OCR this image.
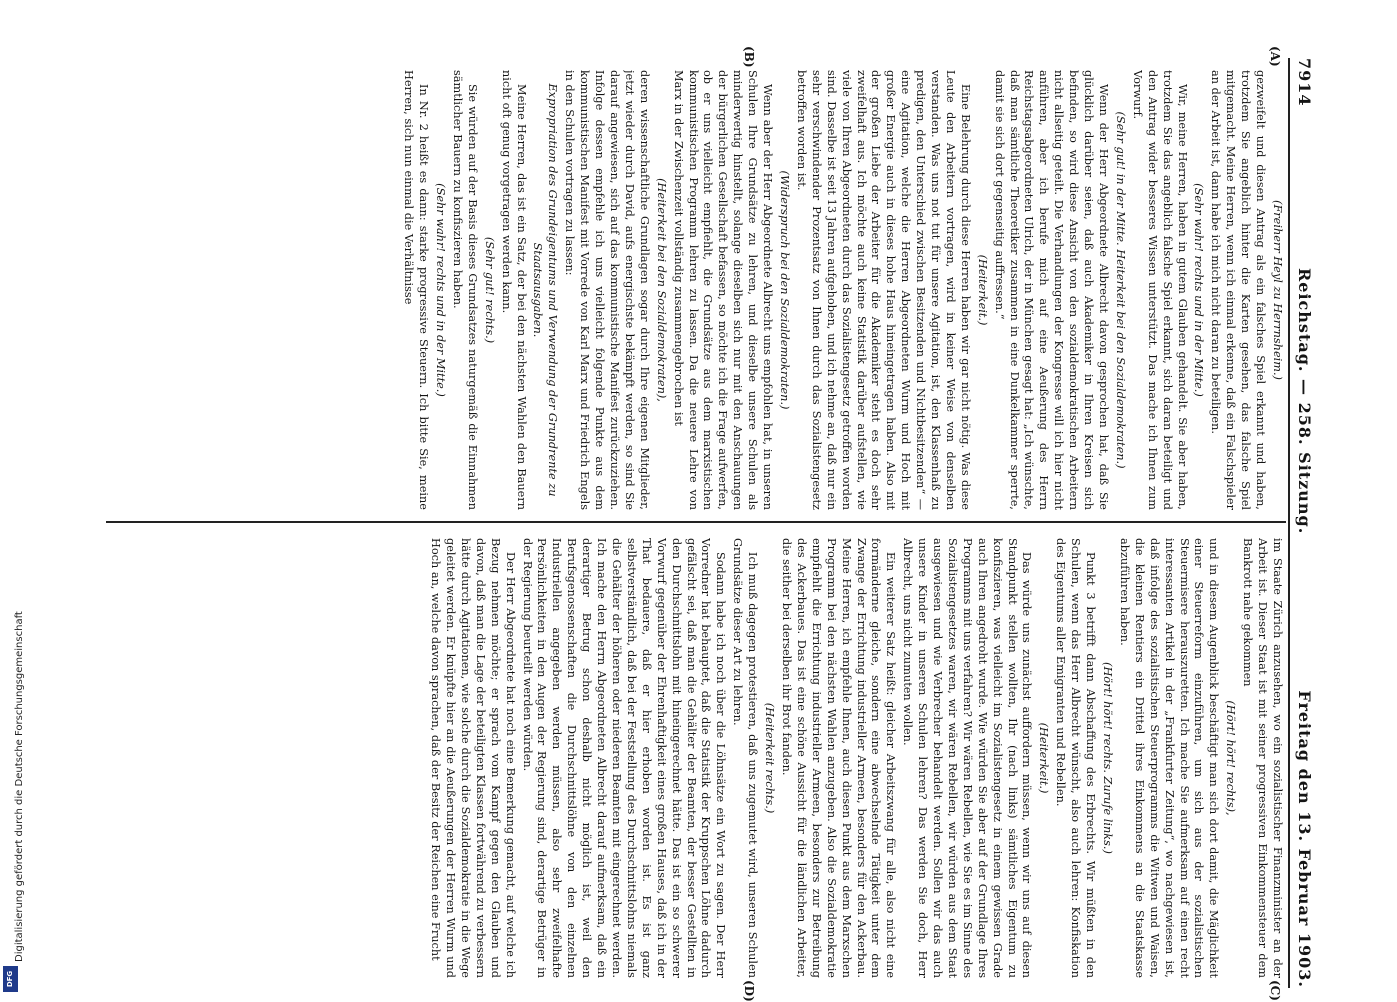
7914
Reichstag. — 258. Sitzung.
Freitag den 13. Februar 1903.
(A)
(B)
(C)
(D)

(Freiherr Heyl zu Herrnsheim.)

gezweifelt und diesen Antrag als ein falsches Spiel erkannt und haben, trotzdem Sie angeblich hinter die Karten gesehen, das falsche Spiel mitgemacht. Meine Herren, wenn ich einmal erkenne, daß ein Falschspieler an der Arbeit ist, dann habe ich mich nicht daran zu beteiligen.

(Sehr wahr! rechts und in der Mitte.)

Wir, meine Herren, haben in gutem Glauben gehandelt. Sie aber haben, trotzdem Sie das angeblich falsche Spiel erkannt, sich daran beteiligt und den Antrag wider besseres Wissen unterstützt. Das mache ich Ihnen zum Vorwurf.

(Sehr gut! in der Mitte. Heiterkeit bei den Sozialdemokraten.)

Wenn der Herr Abgeordnete Albrecht davon gesprochen hat, daß Sie glücklich darüber seien, daß auch Akademiker in Ihren Kreisen sich befinden, so wird diese Ansicht von den sozialdemokratischen Arbeitern nicht allseitig geteilt. Die Verhandlungen der Kongresse will ich hier nicht anführen, aber ich berufe mich auf eine Aeußerung des Herrn Reichstagsabgeordneten Ulrich, der in München gesagt hat: „Ich wünschte, daß man sämtliche Theoretiker zusammen in eine Dunkelkammer sperrte, damit sie sich dort gegenseitig auffressen.“

(Heiterkeit.)

Eine Belehrung durch diese Herren haben wir gar nicht nötig. Was diese Leute den Arbeitern vortragen, wird in keiner Weise von denselben verstanden. Was uns not tut für unsere Agitation, ist, den Klassenhaß zu predigen, den Unterschied zwischen Besitzenden und Nichtbesitzenden“ — eine Agitation, welche die Herren Abgeordneten Wurm und Hoch mit großer Energie auch in dieses hohe Haus hineingetragen haben. Also mit der großen Liebe der Arbeiter für die Akademiker steht es doch sehr zweifelhaft aus. Ich möchte auch keine Statistik darüber aufstellen, wie viele von Ihren Abgeordneten durch das Sozialistengesetz getroffen worden sind. Dasselbe ist seit 13 Jahren aufgehoben, und ich nehme an, daß nur ein sehr verschwindender Prozentsatz von Ihnen durch das Sozialistengesetz betroffen worden ist.

(Widerspruch bei den Sozialdemokraten.)

Wenn aber der Herr Abgeordnete Albrecht uns empfohlen hat, in unseren Schulen Ihre Grundsätze zu lehren, und dieselbe unsere Schulen als minderwertig hinstellt, solange dieselben sich nur mit den Anschauungen der bürgerlichen Gesellschaft befassen, so möchte ich die Frage aufwerfen, ob er uns vielleicht empfiehlt, die Grundsätze aus dem marxistischen kommunistischen Programm lehren zu lassen. Da die neuere Lehre von Marx in der Zwischenzeit vollständig zusammengebrochen ist

(Heiterkeit bei den Sozialdemokraten),

deren wissenschaftliche Grundlagen sogar durch Ihre eigenen Mitglieder, jetzt wieder durch David, aufs energischste bekämpft werden, so sind Sie darauf angewiesen, sich auf das kommunistische Manifest zurückzuziehen. Infolge dessen empfehle ich uns vielleicht folgende Punkte aus dem kommunistischen Manifest mit Vorrede von Karl Marx und Friedrich Engels in den Schulen vortragen zu lassen:

Expropriation des Grundeigentums und Verwendung der Grundrente zu Staatsausgaben.

Meine Herren, das ist ein Satz, der bei den nächsten Wahlen den Bauern nicht oft genug vorgetragen werden kann.

(Sehr gut! rechts.)

Sie würden auf der Basis dieses Grundsatzes naturgemäß die Einnahmen sämtlicher Bauern zu konfiszieren haben.

(Sehr wahr! rechts und in der Mitte.)

In Nr. 2 heißt es dann: starke progressive Steuern. Ich bitte Sie, meine Herren, sich nun einmal die Verhältnisse

im Staate Zürich anzusehen, wo ein sozialistischer Finanzminister an der Arbeit ist. Dieser Staat ist mit seiner progressiven Einkommensteuer dem Bankrott nahe gekommen

(Hört! hört! rechts),

und in diesem Augenblick beschäftigt man sich dort damit, die Mäglichkeit einer Steuerreform einzuführen, um sich aus der sozialistischen Steuermisere herauszuretten. Ich mache Sie aufmerksam auf einen recht interessanten Artikel in der „Frankfurter Zeitung“, wo nachgewiesen ist, daß infolge des sozialistischen Steuerprogramms die Witwen und Waisen, die kleinen Rentiers ein Drittel ihres Einkommens an die Staatskasse abzuführen haben.

(Hört! hört! rechts. Zurufe links.)

Punkt 3 betrifft dann Abschaffung des Erbrechts. Wir müßten in den Schulen, wenn das Herr Albrecht wünscht, also auch lehren: Konfiskation des Eigentums aller Emigranten und Rebellen.

(Heiterkeit.)

Das würde uns zunächst auffordern müssen, wenn wir uns auf diesen Standpunkt stellen wollten, Ihr (nach links) sämtliches Eigentum zu konfiszieren, was vielleicht im Sozialistengesetz in einem gewissen Grade auch Ihren angedroht wurde. Wie würden Sie aber auf der Grundlage Ihres Programms mit uns verfahren? Wir wären Rebellen, wie Sie es im Sinne des Sozialistengesetzes waren, wir wären Rebellen, wir würden aus dem Staat ausgewiesen und wie Verbrecher behandelt werden. Sollen wir das auch unsere Kinder in unseren Schulen lehren? Das werden Sie doch, Herr Albrecht, uns nicht zumuten wollen.

Ein weiterer Satz heißt: gleicher Arbeitszwang für alle, also nicht eine formänderne gleiche, sondern eine abwechselnde Tätigkeit unter dem Zwange der Errichtung industrieller Armeen, besonders für den Ackerbau. Meine Herren, ich empfehle Ihnen, auch diesen Punkt aus dem Marxschen Programm bei den nächsten Wahlen anzugeben. Also die Sozialdemokratie empfiehlt die Errichtung industrieller Armeen, besonders zur Betreibung des Ackerbaues. Das ist eine schöne Aussicht für die ländlichen Arbeiter, die seither bei derselben ihr Brot fanden.

(Heiterkeit rechts.)

Ich muß dagegen protestieren, daß uns zugemutet wird, unseren Schulen Grundsätze dieser Art zu lehren.

Sodann habe ich noch über die Löhnsätze ein Wort zu sagen. Der Herr Vorredner hat behauptet, daß die Statistik der Kruppschen Löhne dadurch gefälscht sei, daß man die Gehälter der Beamten, der besser Gestellten in den Durchschnittslohn mit hineingerechnet hätte. Das ist ein so schwerer Vorwurf gegenüber der Ehrenhaftigkeit eines großen Hauses, daß ich in der That bedauere, daß er hier erhoben worden ist. Es ist ganz selbstverständlich, daß bei der Feststellung des Durchschnittslohns niemals die Gehälter der höheren oder niederen Beamten mit eingerechnet werden. Ich mache den Herrn Abgeordneten Albrecht darauf aufmerksam, daß ein derartiger Betrug schon deshalb nicht möglich ist, weil den Berufsgenossenschaften die Durchschnittslöhne von den einzelnen Industriellen angegeben werden müssen, also sehr zweifelhafte Persönlichkeiten in den Augen der Regierung sind, derartige Betrüger in der Regierung beurteilt werden würden.

Der Herr Abgeordnete hat noch eine Bemerkung gemacht, auf welche ich Bezug nehmen möchte; er sprach vom Kampf gegen den Glauben und davon, daß man die Lage der beteiligten Klassen fortwährend zu verbessern hätte durch Agitationen, wie solche durch die Sozialdemokratie in die Wege geleitet werden. Er knüpfte hier an die Aeußerungen der Herren Wurm und Hoch an, welche davon sprachen, daß der Besitz der Reichen eine Frucht

Digitalisierung gefördert durch die Deutsche Forschungsgemeinschaft
DFG
